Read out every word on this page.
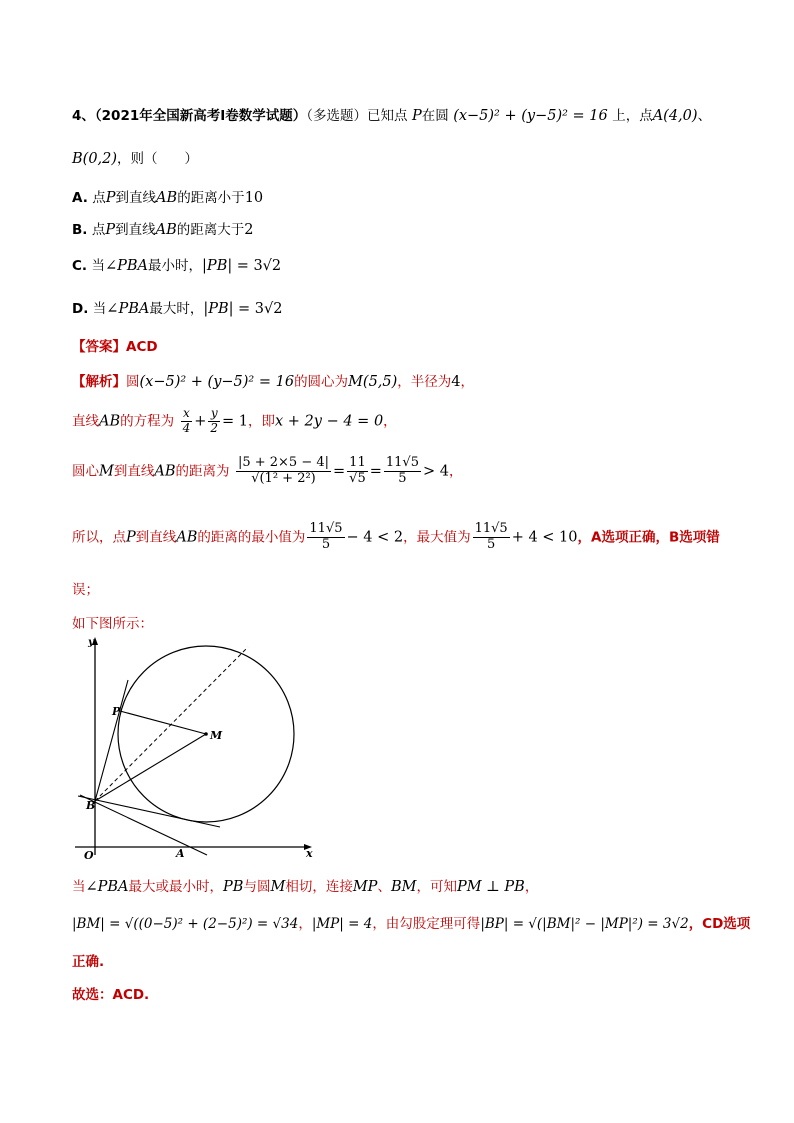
4、（2021年全国新高考Ⅰ卷数学试题）（多选题）已知点 P在圆 (x−5)² + (y−5)² = 16 上，点A(4,0)、
B(0,2)，则（　　）
A. 点P到直线AB的距离小于10
B. 点P到直线AB的距离大于2
C. 当∠PBA最小时，|PB| = 3√2
D. 当∠PBA最大时，|PB| = 3√2
【答案】ACD
【解析】圆(x−5)² + (y−5)² = 16的圆心为M(5,5)，半径为4，
直线AB的方程为 $\frac{x}{4} + \frac{y}{2} = 1$，即x + 2y − 4 = 0，
圆心M到直线AB的距离为 $\frac{|5 + 2\times 5 - 4|}{\text{√(1² + 2²)}} = \frac{11}{√5} = \frac{11√5}{5} > 4$，
所以，点P到直线AB的距离的最小值为 $\frac{11√5}{5} - 4 < 2$，最大值为 $\frac{11√5}{5} + 4 < 10$，A选项正确，B选项错
误；
如下图所示：
y
x
O	A
B
P
M
当∠PBA最大或最小时，PB与圆M相切，连接MP、BM，可知PM ⊥ PB，
|BM| = √((0−5)² + (2−5)²) = √34，|MP| = 4，由勾股定理可得|BP| = √(|BM|² − |MP|²) = 3√2，CD选项
正确.
故选：ACD.
